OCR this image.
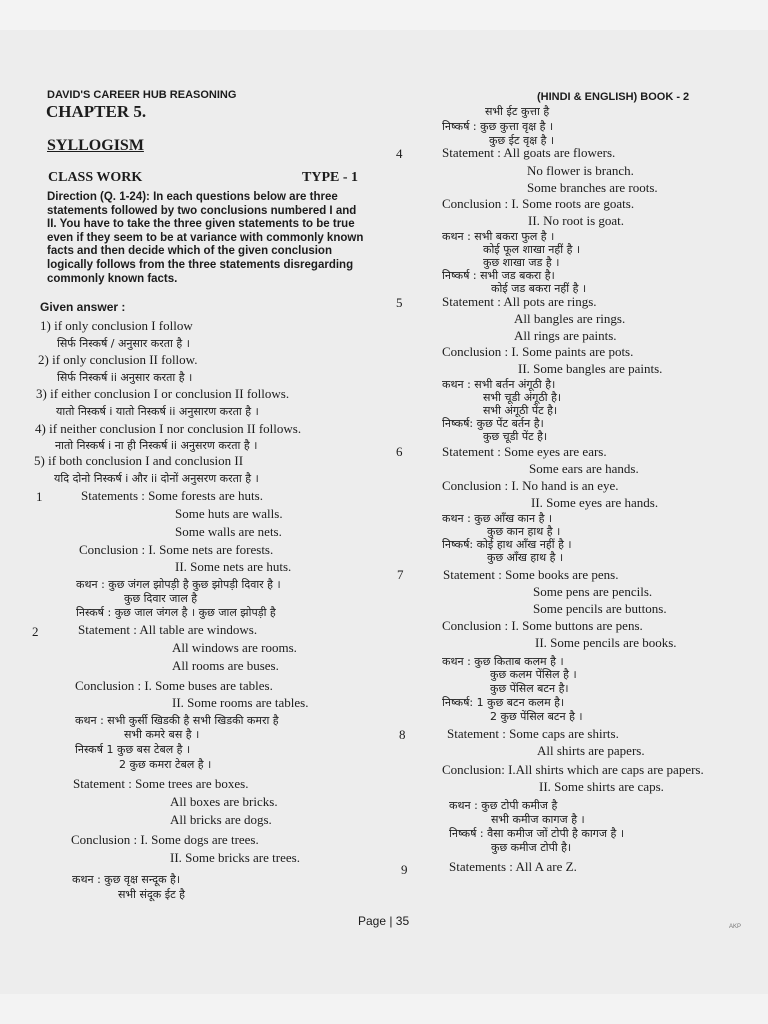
DAVID'S CAREER HUB REASONING
CHAPTER 5.
(HINDI & ENGLISH) BOOK - 2
SYLLOGISM
CLASS WORK	TYPE - 1
Direction (Q. 1-24): In each questions below are three statements followed by two conclusions numbered I and II. You have to take the three given statements to be true even if they seem to be at variance with commonly known facts and then decide which of the given conclusion logically follows from the three statements disregarding commonly known facts.
Given answer :
1) if only conclusion I follow
सिर्फ निस्कर्ष / अनुसार करता है ।
2) if only conclusion II follow.
सिर्फ निस्कर्ष ii अनुसार करता है ।
3) if either conclusion I or conclusion II follows.
यातो निस्कर्ष i यातो निस्कर्ष ii अनुसारण करता है ।
4) if neither conclusion I nor conclusion II follows.
नातो निस्कर्ष i ना ही निस्कर्ष ii अनुसरण करता है ।
5) if both conclusion I and conclusion II
यदि दोनो निस्कर्ष i और ii दोनों अनुसरण करता है ।
1	Statements : Some forests are huts.
Some huts are walls.
Some walls are nets.
Conclusion : I. Some nets are forests.
II. Some nets are huts.
कथन : कुछ जंगल झोपड़ी है कुछ झोपड़ी दिवार है ।
कुछ दिवार जाल है
निस्कर्ष : कुछ जाल जंगल है । कुछ जाल झोपड़ी है
2	Statement : All table are windows.
All windows are rooms.
All rooms are buses.
Conclusion : I. Some buses are tables.
II. Some rooms are tables.
कथन : सभी कुर्सी खिडकी है सभी खिडकी कमरा है
सभी कमरे बस है ।
निस्कर्ष 1 कुछ बस टेबल है ।
2 कुछ कमरा टेबल है ।
Statement : Some trees are boxes.
All boxes are bricks.
All bricks are dogs.
Conclusion : I. Some dogs are trees.
II. Some bricks are trees.
कथन : कुछ वृक्ष सन्दूक है।
सभी संदूक ईट है
सभी ईट कुत्ता है
निष्कर्ष : कुछ कुत्ता वृक्ष है ।
कुछ ईट वृक्ष है ।
4	Statement : All goats are flowers.
No flower is branch.
Some branches are roots.
Conclusion : I. Some roots are goats.
II. No root is goat.
कथन : सभी बकरा फुल है ।
कोई फूल शाखा नहीं है ।
कुछ शाखा जड है ।
निष्कर्ष : सभी जड बकरा है।
कोई जड बकरा नहीं है ।
5	Statement : All pots are rings.
All bangles are rings.
All rings are paints.
Conclusion : I. Some paints are pots.
II. Some bangles are paints.
कथन : सभी बर्तन अंगूठी है।
सभी चूडी अंगूठी है।
सभी अंगूठी पेंट है।
निष्कर्ष: कुछ पेंट बर्तन है।
कुछ चूडी पेंट है।
6	Statement : Some eyes are ears.
Some ears are hands.
Conclusion : I. No hand is an eye.
II. Some eyes are hands.
कथन : कुछ आँख कान है ।
कुछ कान हाथ है ।
निष्कर्ष: कोई हाथ आँख नहीं है ।
कुछ आँख हाथ है ।
7	Statement : Some books are pens.
Some pens are pencils.
Some pencils are buttons.
Conclusion : I. Some buttons are pens.
II. Some pencils are books.
कथन : कुछ किताब कलम है ।
कुछ कलम पेंसिल है ।
कुछ पेंसिल बटन है।
निष्कर्ष: 1 कुछ बटन कलम है।
2 कुछ पेंसिल बटन है ।
8	Statement : Some caps are shirts.
All shirts are papers.
Conclusion: I.All shirts which are caps are papers.
II. Some shirts are caps.
कथन : कुछ टोपी कमीज है
सभी कमीज कागज है ।
निष्कर्ष : वैसा कमीज जों टोपी है कागज है ।
कुछ कमीज टोपी है।
9	Statements : All A are Z.
Page | 35	AKP
